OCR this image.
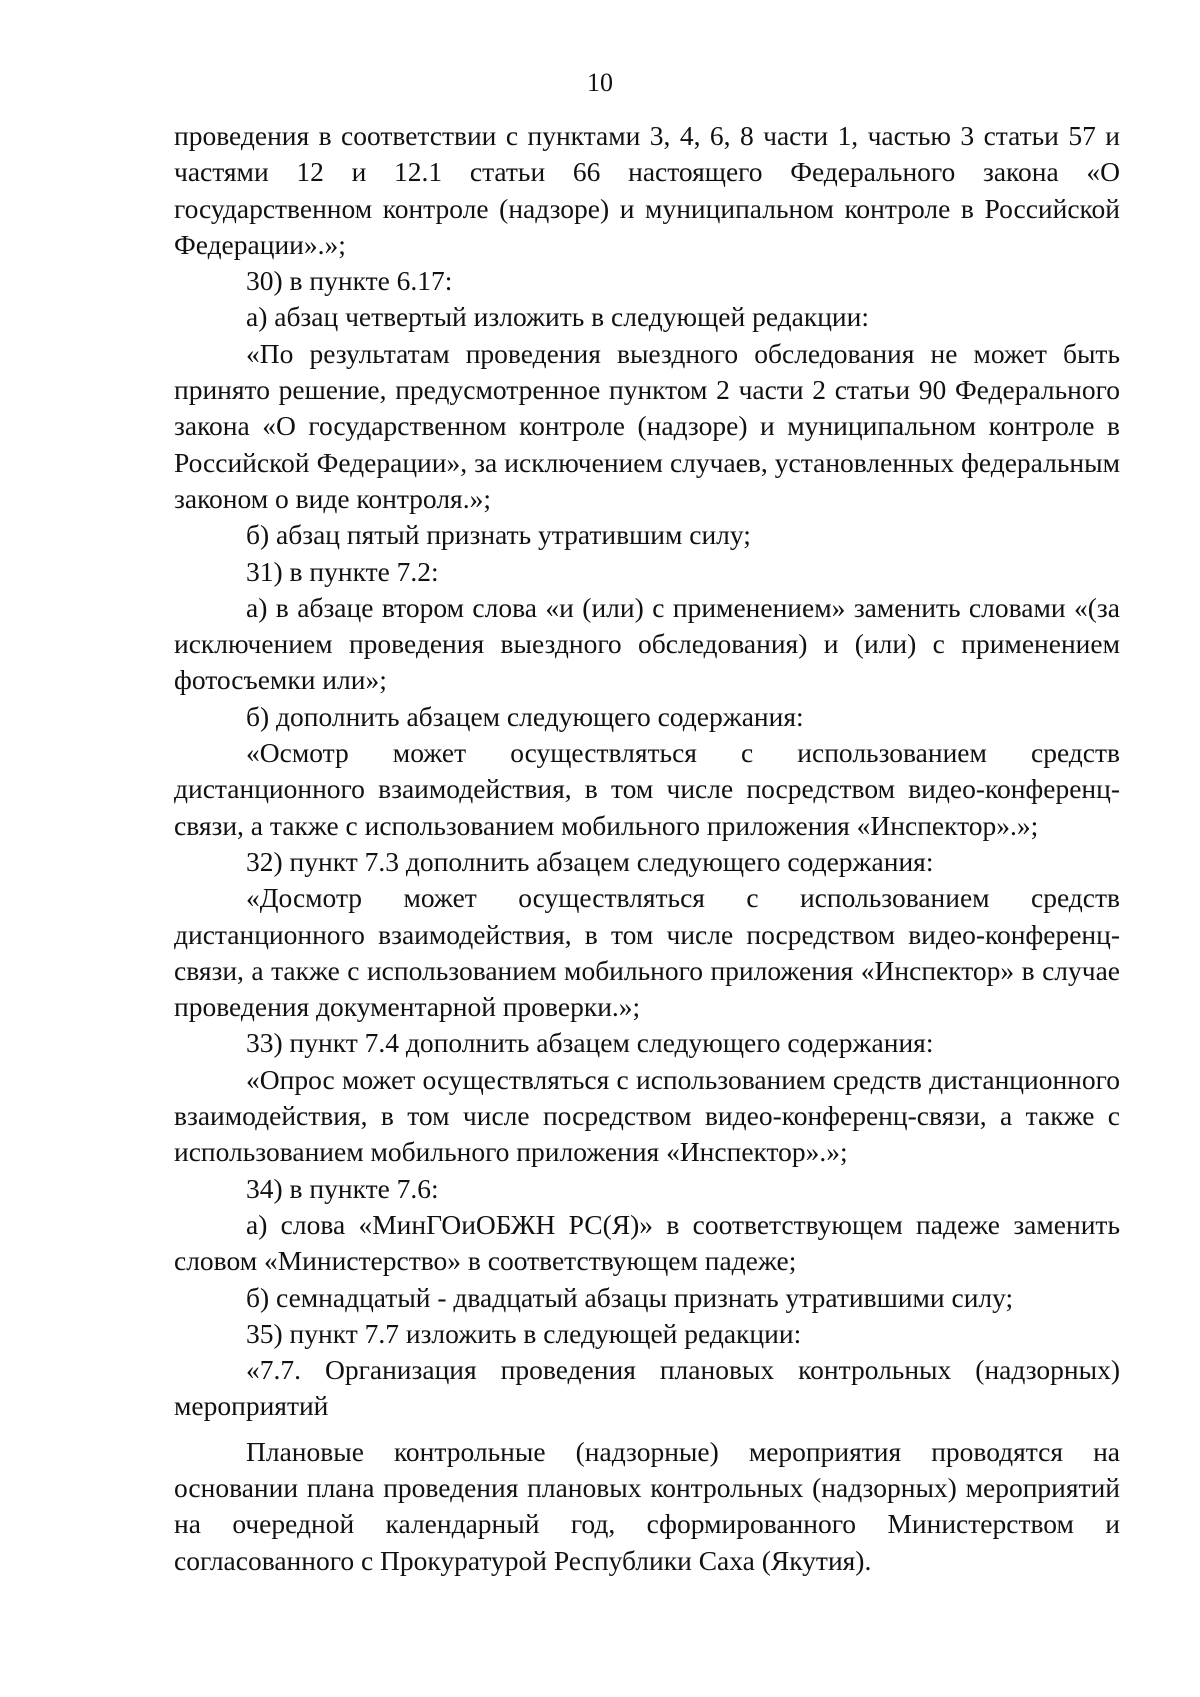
10

проведения в соответствии с пунктами 3, 4, 6, 8 части 1, частью 3 статьи 57 и частями 12 и 12.1 статьи 66 настоящего Федерального закона «О государственном контроле (надзоре) и муниципальном контроле в Российской Федерации».»;

30) в пункте 6.17:

а) абзац четвертый изложить в следующей редакции:

«По результатам проведения выездного обследования не может быть принято решение, предусмотренное пунктом 2 части 2 статьи 90 Федерального закона «О государственном контроле (надзоре) и муниципальном контроле в Российской Федерации», за исключением случаев, установленных федеральным законом о виде контроля.»;

б) абзац пятый признать утратившим силу;

31) в пункте 7.2:

а) в абзаце втором слова «и (или) с применением» заменить словами «(за исключением проведения выездного обследования) и (или) с применением фотосъемки или»;

б) дополнить абзацем следующего содержания:

«Осмотр может осуществляться с использованием средств дистанционного взаимодействия, в том числе посредством видео-конференц-связи, а также с использованием мобильного приложения «Инспектор».»;

32) пункт 7.3 дополнить абзацем следующего содержания:

«Досмотр может осуществляться с использованием средств дистанционного взаимодействия, в том числе посредством видео-конференц-связи, а также с использованием мобильного приложения «Инспектор» в случае проведения документарной проверки.»;

33) пункт 7.4 дополнить абзацем следующего содержания:

«Опрос может осуществляться с использованием средств дистанционного взаимодействия, в том числе посредством видео-конференц-связи, а также с использованием мобильного приложения «Инспектор».»;

34) в пункте 7.6:

а) слова «МинГОиОБЖН РС(Я)» в соответствующем падеже заменить словом «Министерство» в соответствующем падеже;

б) семнадцатый - двадцатый абзацы признать утратившими силу;

35) пункт 7.7 изложить в следующей редакции:

«7.7. Организация проведения плановых контрольных (надзорных) мероприятий

Плановые контрольные (надзорные) мероприятия проводятся на основании плана проведения плановых контрольных (надзорных) мероприятий на очередной календарный год, сформированного Министерством и согласованного с Прокуратурой Республики Саха (Якутия).
